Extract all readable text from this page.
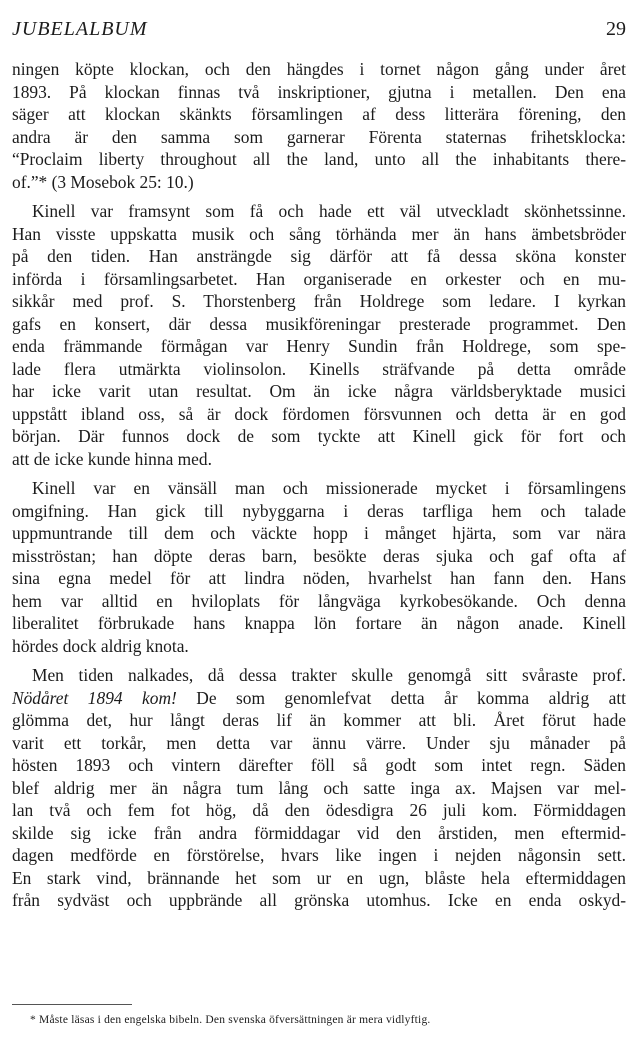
JUBELALBUM	29

ningen köpte klockan, och den hängdes i tornet någon gång under året
1893. På klockan finnas två inskriptioner, gjutna i metallen. Den ena
säger att klockan skänkts församlingen af dess litterära förening, den
andra är den samma som garnerar Förenta staternas frihetsklocka:
“Proclaim liberty throughout all the land, unto all the inhabitants there-
of.”* (3 Mosebok 25: 10.)

Kinell var framsynt som få och hade ett väl utveckladt skönhetssinne.
Han visste uppskatta musik och sång törhända mer än hans ämbetsbröder
på den tiden. Han ansträngde sig därför att få dessa sköna konster
införda i församlingsarbetet. Han organiserade en orkester och en mu-
sikkår med prof. S. Thorstenberg från Holdrege som ledare. I kyrkan
gafs en konsert, där dessa musikföreningar presterade programmet. Den
enda främmande förmågan var Henry Sundin från Holdrege, som spe-
lade flera utmärkta violinsolon. Kinells sträfvande på detta område
har icke varit utan resultat. Om än icke några världsberyktade musici
uppstått ibland oss, så är dock fördomen försvunnen och detta är en god
början. Där funnos dock de som tyckte att Kinell gick för fort och
att de icke kunde hinna med.

Kinell var en vänsäll man och missionerade mycket i församlingens
omgifning. Han gick till nybyggarna i deras tarfliga hem och talade
uppmuntrande till dem och väckte hopp i månget hjärta, som var nära
misströstan; han döpte deras barn, besökte deras sjuka och gaf ofta af
sina egna medel för att lindra nöden, hvarhelst han fann den. Hans
hem var alltid en hviloplats för långväga kyrkobesökande. Och denna
liberalitet förbrukade hans knappa lön fortare än någon anade. Kinell
hördes dock aldrig knota.

Men tiden nalkades, då dessa trakter skulle genomgå sitt svåraste prof.
Nödåret 1894 kom! De som genomlefvat detta år komma aldrig att
glömma det, hur långt deras lif än kommer att bli. Året förut hade
varit ett torkår, men detta var ännu värre. Under sju månader på
hösten 1893 och vintern därefter föll så godt som intet regn. Säden
blef aldrig mer än några tum lång och satte inga ax. Majsen var mel-
lan två och fem fot hög, då den ödesdigra 26 juli kom. Förmiddagen
skilde sig icke från andra förmiddagar vid den årstiden, men eftermid-
dagen medförde en förstörelse, hvars like ingen i nejden någonsin sett.
En stark vind, brännande het som ur en ugn, blåste hela eftermiddagen
från sydväst och uppbrände all grönska utomhus. Icke en enda oskyd-

* Måste läsas i den engelska bibeln. Den svenska öfversättningen är mera vidlyftig.
